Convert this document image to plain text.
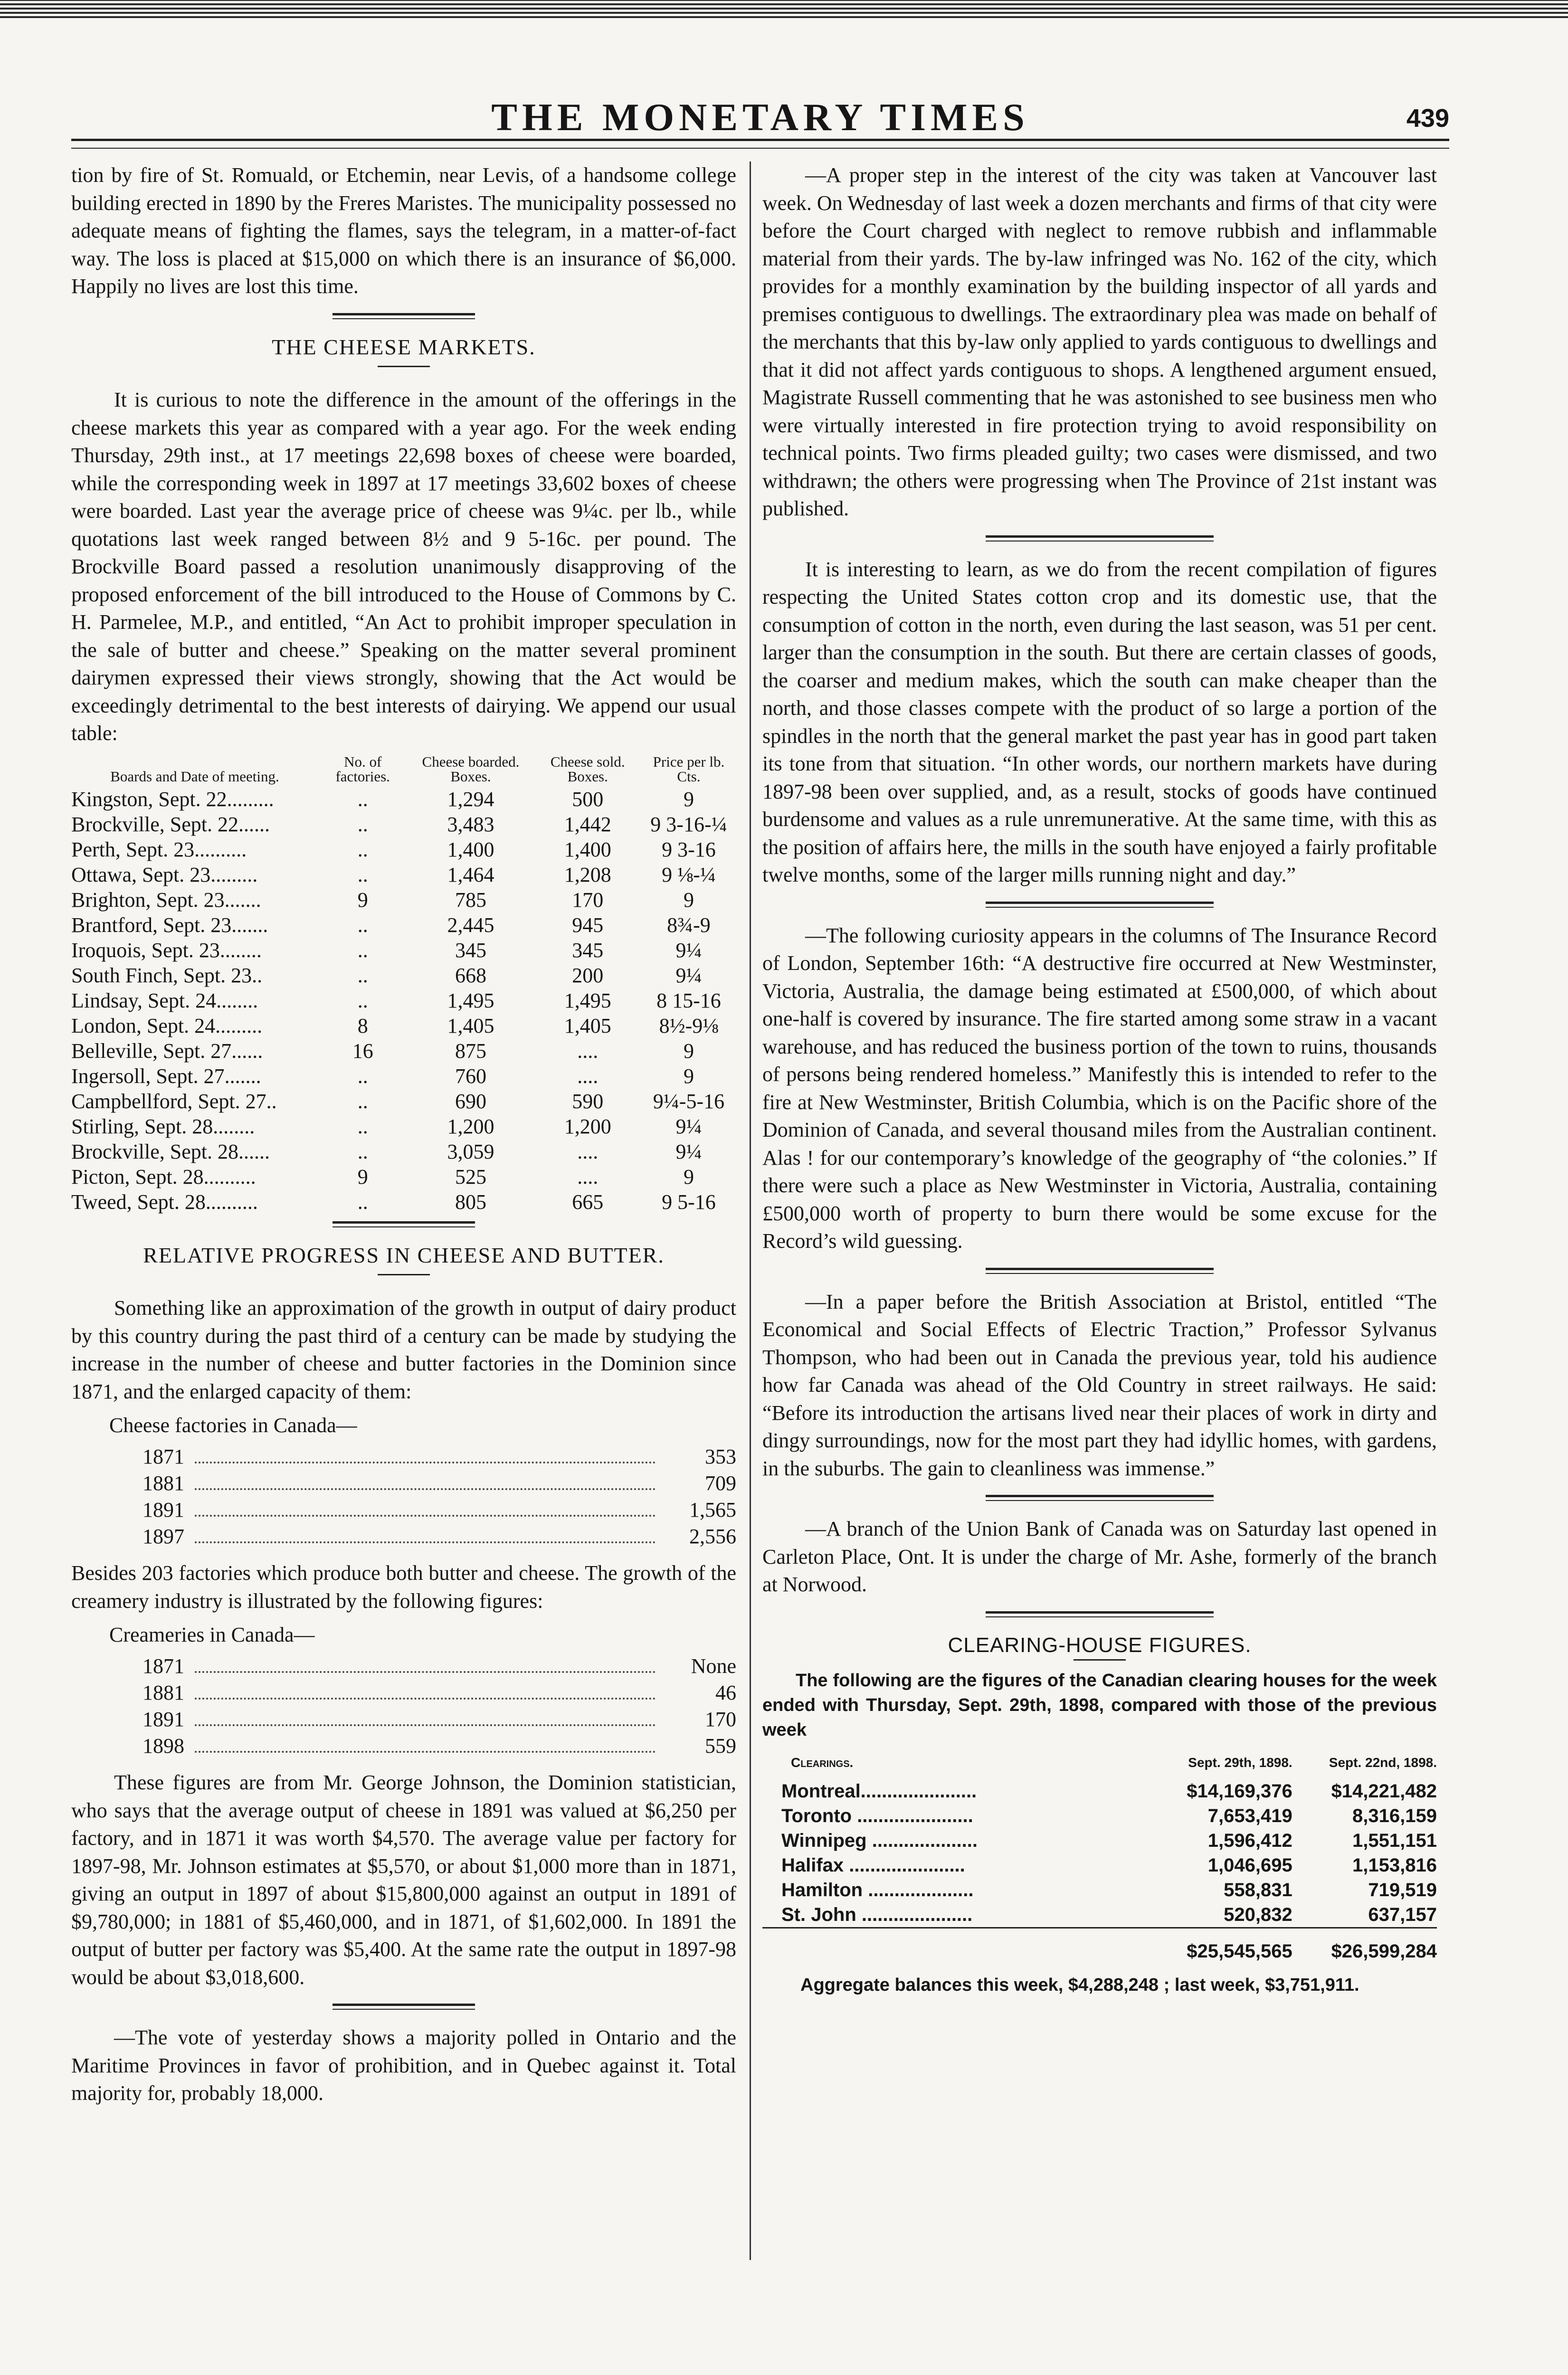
THE MONETARY TIMES	439

tion by fire of St. Romuald, or Etchemin, near Levis, of a handsome college building erected in 1890 by the Freres Maristes. The municipality possessed no adequate means of fighting the flames, says the telegram, in a matter-of-fact way. The loss is placed at $15,000 on which there is an insurance of $6,000. Happily no lives are lost this time.

THE CHEESE MARKETS.

It is curious to note the difference in the amount of the offerings in the cheese markets this year as compared with a year ago. For the week ending Thursday, 29th inst., at 17 meetings 22,698 boxes of cheese were boarded, while the corresponding week in 1897 at 17 meetings 33,602 boxes of cheese were boarded. Last year the average price of cheese was 9¼c. per lb., while quotations last week ranged between 8½ and 9 5-16c. per pound. The Brockville Board passed a resolution unanimously disapproving of the proposed enforcement of the bill introduced to the House of Commons by C. H. Parmelee, M.P., and entitled, “An Act to prohibit improper speculation in the sale of butter and cheese.” Speaking on the matter several prominent dairymen expressed their views strongly, showing that the Act would be exceedingly detrimental to the best interests of dairying. We append our usual table:

Boards and Date of meeting.	No. of factories.	Cheese boarded. Boxes.	Cheese sold. Boxes.	Price per lb. Cts.
Kingston, Sept. 22.........	..	1,294	500	9
Brockville, Sept. 22......	..	3,483	1,442	9 3-16-¼
Perth, Sept. 23..........	..	1,400	1,400	9 3-16
Ottawa, Sept. 23.........	..	1,464	1,208	9 ⅛-¼
Brighton, Sept. 23.......	9	785	170	9
Brantford, Sept. 23.......	..	2,445	945	8¾-9
Iroquois, Sept. 23........	..	345	345	9¼
South Finch, Sept. 23..	..	668	200	9¼
Lindsay, Sept. 24........	..	1,495	1,495	8 15-16
London, Sept. 24.........	8	1,405	1,405	8½-9⅛
Belleville, Sept. 27......	16	875	....	9
Ingersoll, Sept. 27.......	..	760	....	9
Campbellford, Sept. 27..	..	690	590	9¼-5-16
Stirling, Sept. 28........	..	1,200	1,200	9¼
Brockville, Sept. 28......	..	3,059	....	9¼
Picton, Sept. 28..........	9	525	....	9
Tweed, Sept. 28..........	..	805	665	9 5-16
RELATIVE PROGRESS IN CHEESE AND BUTTER.

Something like an approximation of the growth in output of dairy product by this country during the past third of a century can be made by studying the increase in the number of cheese and butter factories in the Dominion since 1871, and the enlarged capacity of them:

Cheese factories in Canada—
1871	353
1881	709
1891	1,565
1897	2,556

Besides 203 factories which produce both butter and cheese. The growth of the creamery industry is illustrated by the following figures:

Creameries in Canada—
1871	None
1881	46
1891	170
1898	559

These figures are from Mr. George Johnson, the Dominion statistician, who says that the average output of cheese in 1891 was valued at $6,250 per factory, and in 1871 it was worth $4,570. The average value per factory for 1897-98, Mr. Johnson estimates at $5,570, or about $1,000 more than in 1871, giving an output in 1897 of about $15,800,000 against an output in 1891 of $9,780,000; in 1881 of $5,460,000, and in 1871, of $1,602,000. In 1891 the output of butter per factory was $5,400. At the same rate the output in 1897-98 would be about $3,018,600.

—The vote of yesterday shows a majority polled in Ontario and the Maritime Provinces in favor of prohibition, and in Quebec against it. Total majority for, probably 18,000.

—A proper step in the interest of the city was taken at Vancouver last week. On Wednesday of last week a dozen merchants and firms of that city were before the Court charged with neglect to remove rubbish and inflammable material from their yards. The by-law infringed was No. 162 of the city, which provides for a monthly examination by the building inspector of all yards and premises contiguous to dwellings. The extraordinary plea was made on behalf of the merchants that this by-law only applied to yards contiguous to dwellings and that it did not affect yards contiguous to shops. A lengthened argument ensued, Magistrate Russell commenting that he was astonished to see business men who were virtually interested in fire protection trying to avoid responsibility on technical points. Two firms pleaded guilty; two cases were dismissed, and two withdrawn; the others were progressing when The Province of 21st instant was published.

It is interesting to learn, as we do from the recent compilation of figures respecting the United States cotton crop and its domestic use, that the consumption of cotton in the north, even during the last season, was 51 per cent. larger than the consumption in the south. But there are certain classes of goods, the coarser and medium makes, which the south can make cheaper than the north, and those classes compete with the product of so large a portion of the spindles in the north that the general market the past year has in good part taken its tone from that situation. “In other words, our northern markets have during 1897-98 been over supplied, and, as a result, stocks of goods have continued burdensome and values as a rule unremunerative. At the same time, with this as the position of affairs here, the mills in the south have enjoyed a fairly profitable twelve months, some of the larger mills running night and day.”

—The following curiosity appears in the columns of The Insurance Record of London, September 16th: “A destructive fire occurred at New Westminster, Victoria, Australia, the damage being estimated at £500,000, of which about one-half is covered by insurance. The fire started among some straw in a vacant warehouse, and has reduced the business portion of the town to ruins, thousands of persons being rendered homeless.” Manifestly this is intended to refer to the fire at New Westminster, British Columbia, which is on the Pacific shore of the Dominion of Canada, and several thousand miles from the Australian continent. Alas ! for our contemporary’s knowledge of the geography of “the colonies.” If there were such a place as New Westminster in Victoria, Australia, containing £500,000 worth of property to burn there would be some excuse for the Record’s wild guessing.

—In a paper before the British Association at Bristol, entitled “The Economical and Social Effects of Electric Traction,” Professor Sylvanus Thompson, who had been out in Canada the previous year, told his audience how far Canada was ahead of the Old Country in street railways. He said: “Before its introduction the artisans lived near their places of work in dirty and dingy surroundings, now for the most part they had idyllic homes, with gardens, in the suburbs. The gain to cleanliness was immense.”

—A branch of the Union Bank of Canada was on Saturday last opened in Carleton Place, Ont. It is under the charge of Mr. Ashe, formerly of the branch at Norwood.

CLEARING-HOUSE FIGURES.

The following are the figures of the Canadian clearing houses for the week ended with Thursday, Sept. 29th, 1898, compared with those of the previous week

Clearings.	Sept. 29th, 1898.	Sept. 22nd, 1898.
Montreal......................	$14,169,376	$14,221,482
Toronto ......................	7,653,419	8,316,159
Winnipeg ....................	1,596,412	1,551,151
Halifax ......................	1,046,695	1,153,816
Hamilton ....................	558,831	719,519
St. John .....................	520,832	637,157
	$25,545,565	$26,599,284
Aggregate balances this week, $4,288,248 ; last week, $3,751,911.
